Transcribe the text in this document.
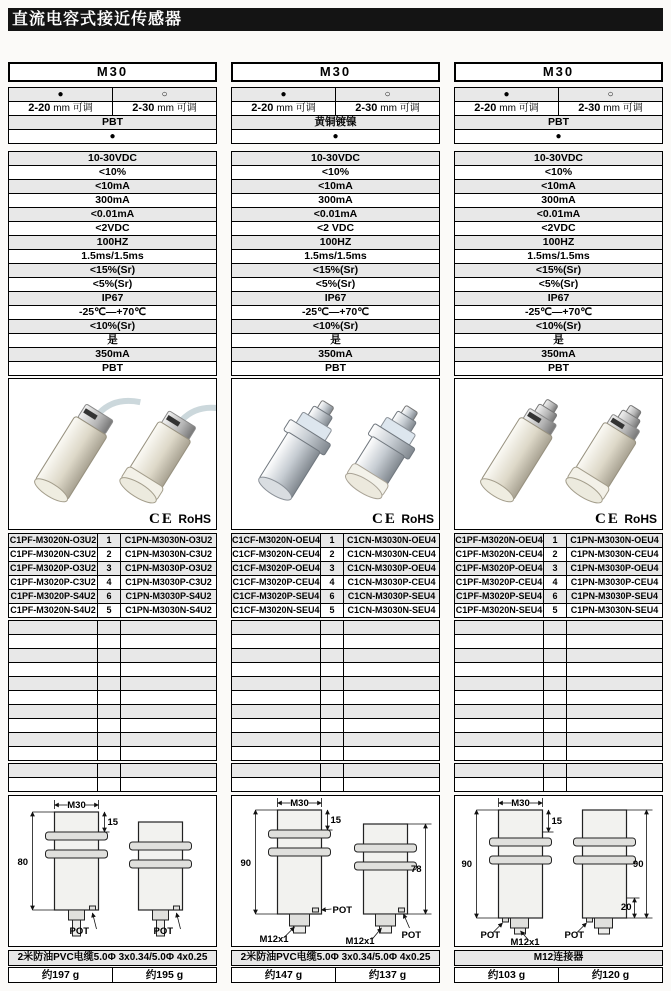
直流电容式接近传感器
M30
●	○
2-20 mm 可调	2-30 mm 可调
PBT
●
10-30VDC
<10%
<10mA
300mA
<0.01mA
<2VDC
100HZ
1.5ms/1.5ms
<15%(Sr)
<5%(Sr)
IP67
-25℃—+70℃
<10%(Sr)
是
350mA
PBT
CE RoHS
C1PF-M3020N-O3U2	1	C1PN-M3030N-O3U2
C1PF-M3020N-C3U2	2	C1PN-M3030N-C3U2
C1PF-M3020P-O3U2	3	C1PN-M3030P-O3U2
C1PF-M3020P-C3U2	4	C1PN-M3030P-C3U2
C1PF-M3020P-S4U2	6	C1PN-M3030P-S4U2
C1PF-M3020N-S4U2	5	C1PN-M3030N-S4U2
M30
80
15
POT	POT
2米防油PVC电缆5.0Φ 3x0.34/5.0Φ 4x0.25
约197 g	约195 g
M30
●	○
2-20 mm 可调	2-30 mm 可调
黄铜镀镍
●
10-30VDC
<10%
<10mA
300mA
<0.01mA
<2 VDC
100HZ
1.5ms/1.5ms
<15%(Sr)
<5%(Sr)
IP67
-25℃—+70℃
<10%(Sr)
是
350mA
PBT
CE RoHS
C1CF-M3020N-OEU4	1	C1CN-M3030N-OEU4
C1CF-M3020N-CEU4	2	C1CN-M3030N-CEU4
C1CF-M3020P-OEU4	3	C1CN-M3030P-OEU4
C1CF-M3020P-CEU4	4	C1CN-M3030P-CEU4
C1CF-M3020P-SEU4	6	C1CN-M3030P-SEU4
C1CF-M3020N-SEU4	5	C1CN-M3030N-SEU4
M30
90
15
POT
M12x1
78
POT
M12x1
2米防油PVC电缆5.0Φ 3x0.34/5.0Φ 4x0.25
约147 g	约137 g
M30
●	○
2-20 mm 可调	2-30 mm 可调
PBT
●
10-30VDC
<10%
<10mA
300mA
<0.01mA
<2VDC
100HZ
1.5ms/1.5ms
<15%(Sr)
<5%(Sr)
IP67
-25℃—+70℃
<10%(Sr)
是
350mA
PBT
CE RoHS
C1PF-M3020N-OEU4	1	C1PN-M3030N-OEU4
C1PF-M3020N-CEU4	2	C1PN-M3030N-CEU4
C1PF-M3020P-OEU4	3	C1PN-M3030P-OEU4
C1PF-M3020P-CEU4	4	C1PN-M3030P-CEU4
C1PF-M3020P-SEU4	6	C1PN-M3030P-SEU4
C1PF-M3020N-SEU4	5	C1PN-M3030N-SEU4
M30
90
15
POT
M12x1
90
20
POT
M12连接器
约103 g	约120 g
